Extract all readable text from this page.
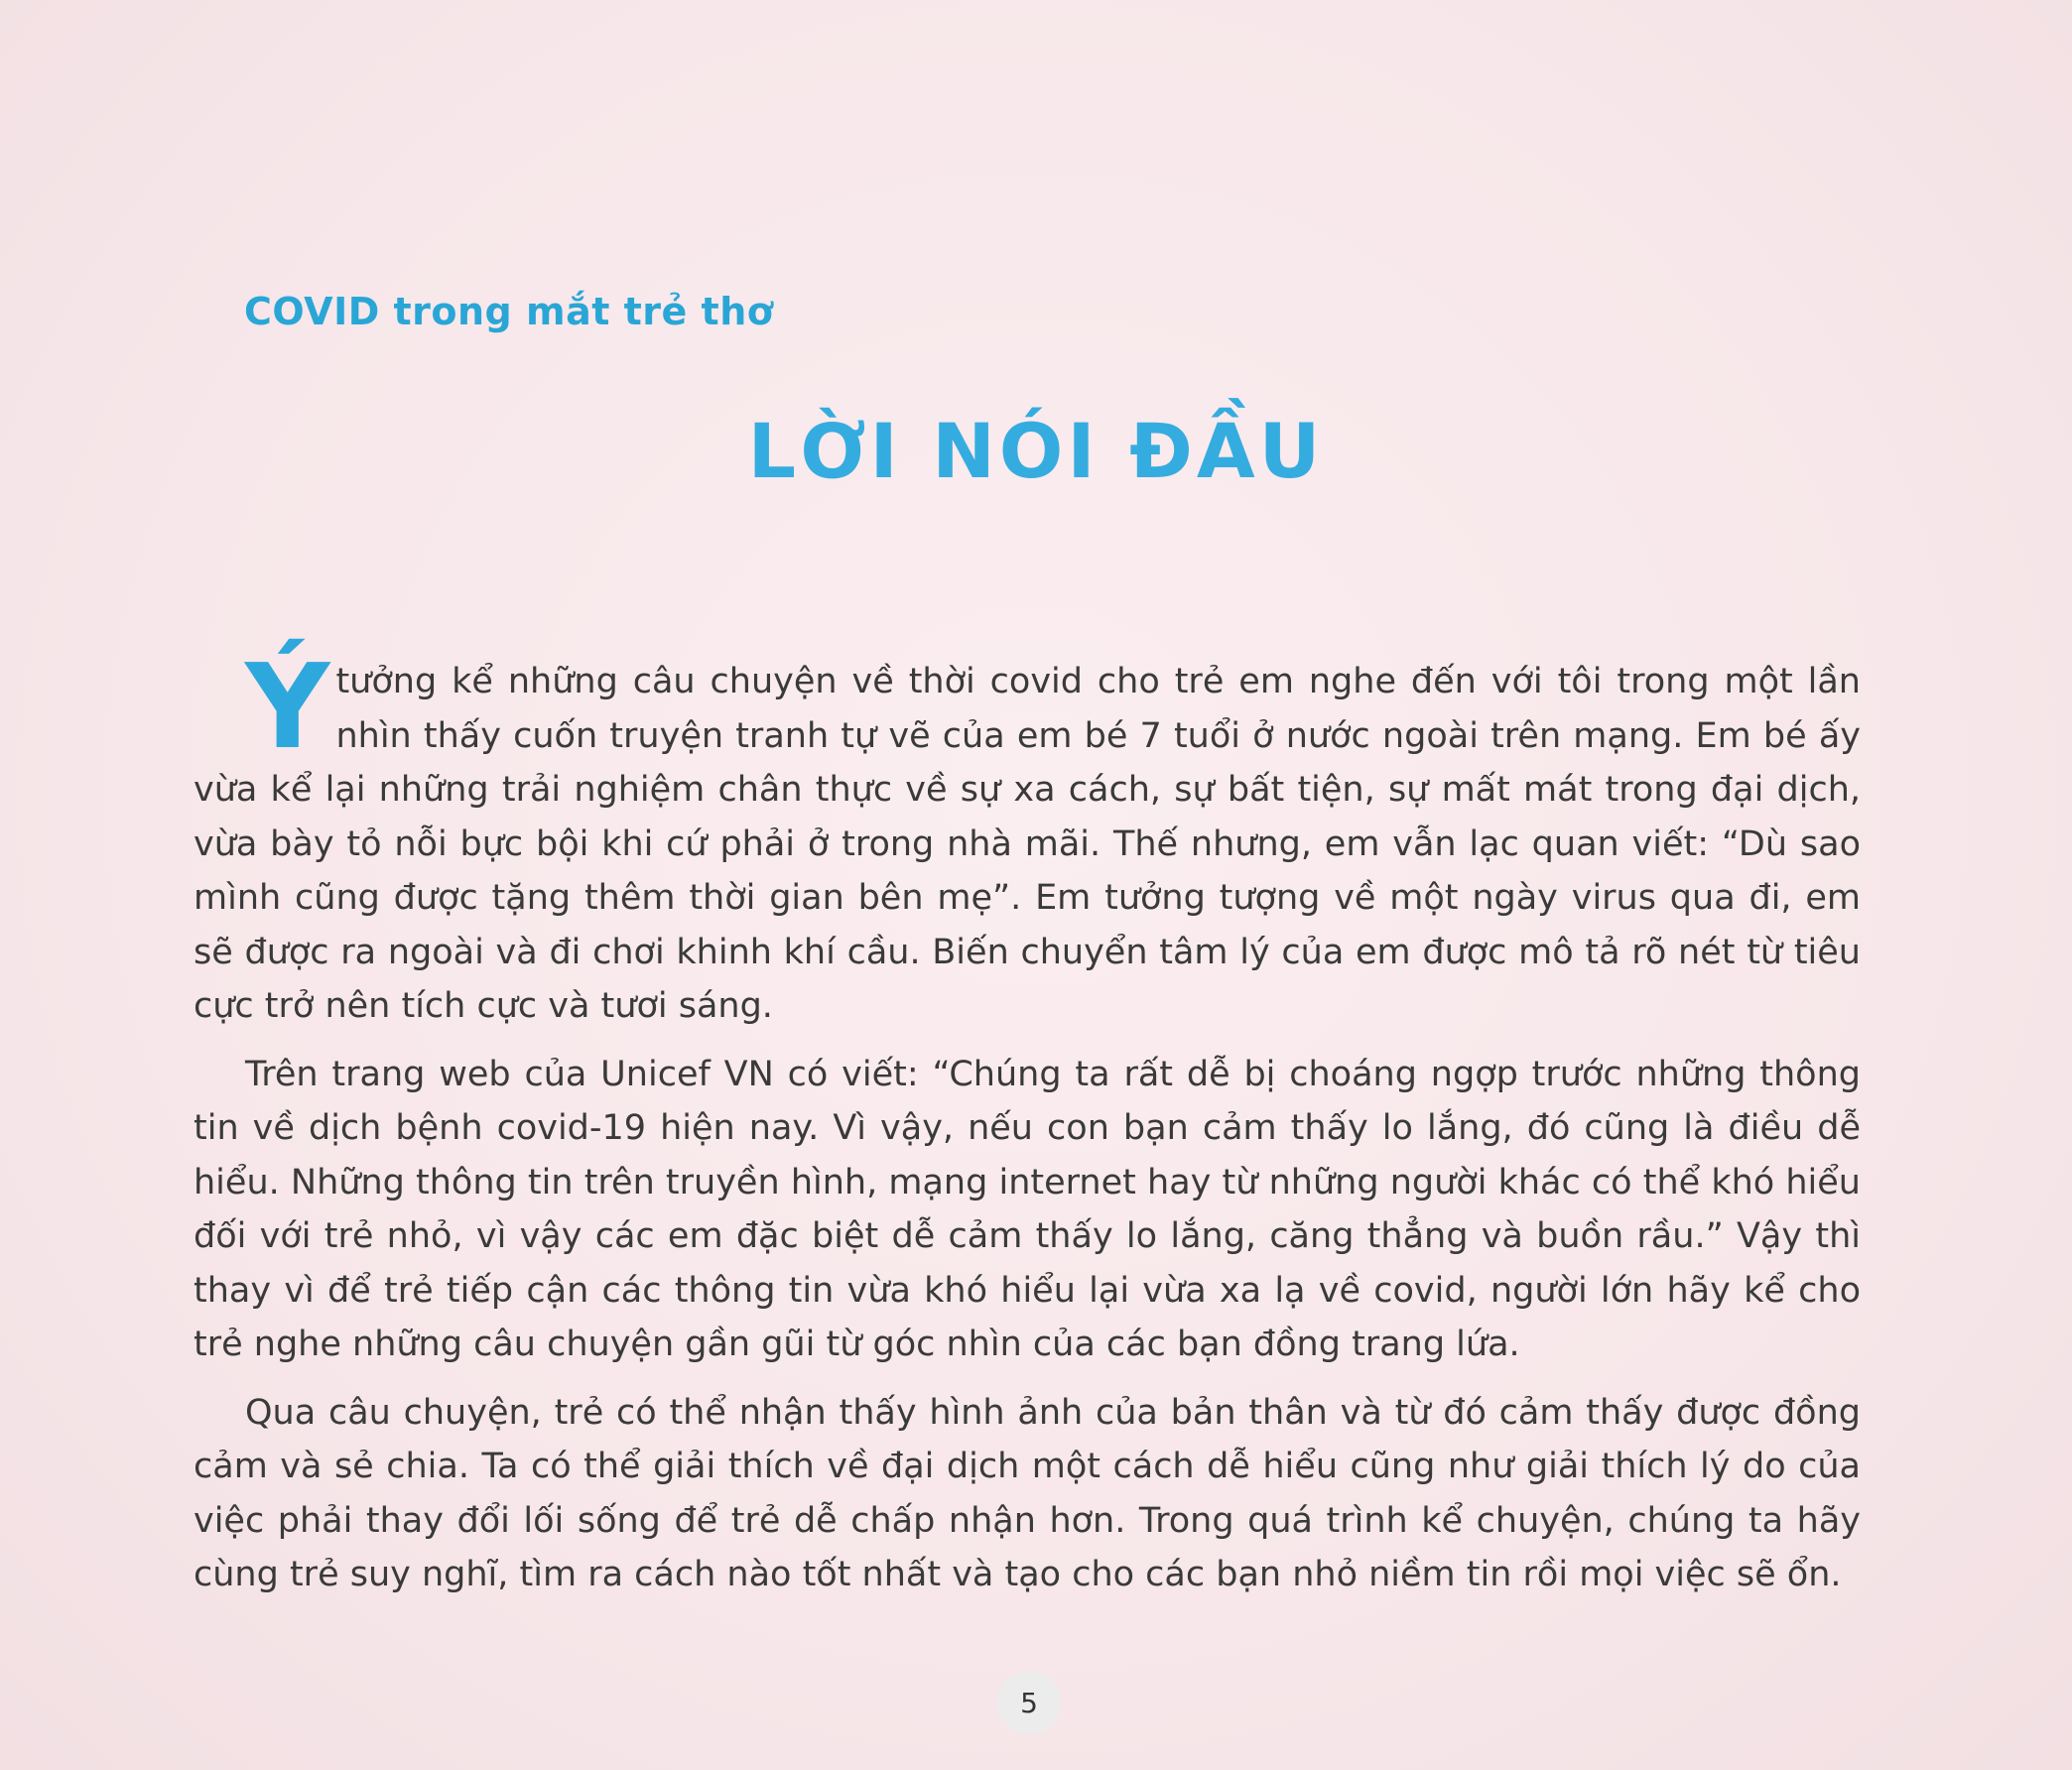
COVID trong mắt trẻ thơ

LỜI NÓI ĐẦU

Ýtưởng kể những câu chuyện về thời covid cho trẻ em nghe đến với tôi trong một lần nhìn thấy cuốn truyện tranh tự vẽ của em bé 7 tuổi ở nước ngoài trên mạng. Em bé ấy vừa kể lại những trải nghiệm chân thực về sự xa cách, sự bất tiện, sự mất mát trong đại dịch, vừa bày tỏ nỗi bực bội khi cứ phải ở trong nhà mãi. Thế nhưng, em vẫn lạc quan viết: “Dù sao mình cũng được tặng thêm thời gian bên mẹ”. Em tưởng tượng về một ngày virus qua đi, em sẽ được ra ngoài và đi chơi khinh khí cầu. Biến chuyển tâm lý của em được mô tả rõ nét từ tiêu cực trở nên tích cực và tươi sáng.

Trên trang web của Unicef VN có viết: “Chúng ta rất dễ bị choáng ngợp trước những thông tin về dịch bệnh covid-19 hiện nay. Vì vậy, nếu con bạn cảm thấy lo lắng, đó cũng là điều dễ hiểu. Những thông tin trên truyền hình, mạng internet hay từ những người khác có thể khó hiểu đối với trẻ nhỏ, vì vậy các em đặc biệt dễ cảm thấy lo lắng, căng thẳng và buồn rầu.” Vậy thì thay vì để trẻ tiếp cận các thông tin vừa khó hiểu lại vừa xa lạ về covid, người lớn hãy kể cho trẻ nghe những câu chuyện gần gũi từ góc nhìn của các bạn đồng trang lứa.

Qua câu chuyện, trẻ có thể nhận thấy hình ảnh của bản thân và từ đó cảm thấy được đồng cảm và sẻ chia. Ta có thể giải thích về đại dịch một cách dễ hiểu cũng như giải thích lý do của việc phải thay đổi lối sống để trẻ dễ chấp nhận hơn. Trong quá trình kể chuyện, chúng ta hãy cùng trẻ suy nghĩ, tìm ra cách nào tốt nhất và tạo cho các bạn nhỏ niềm tin rồi mọi việc sẽ ổn.

5
